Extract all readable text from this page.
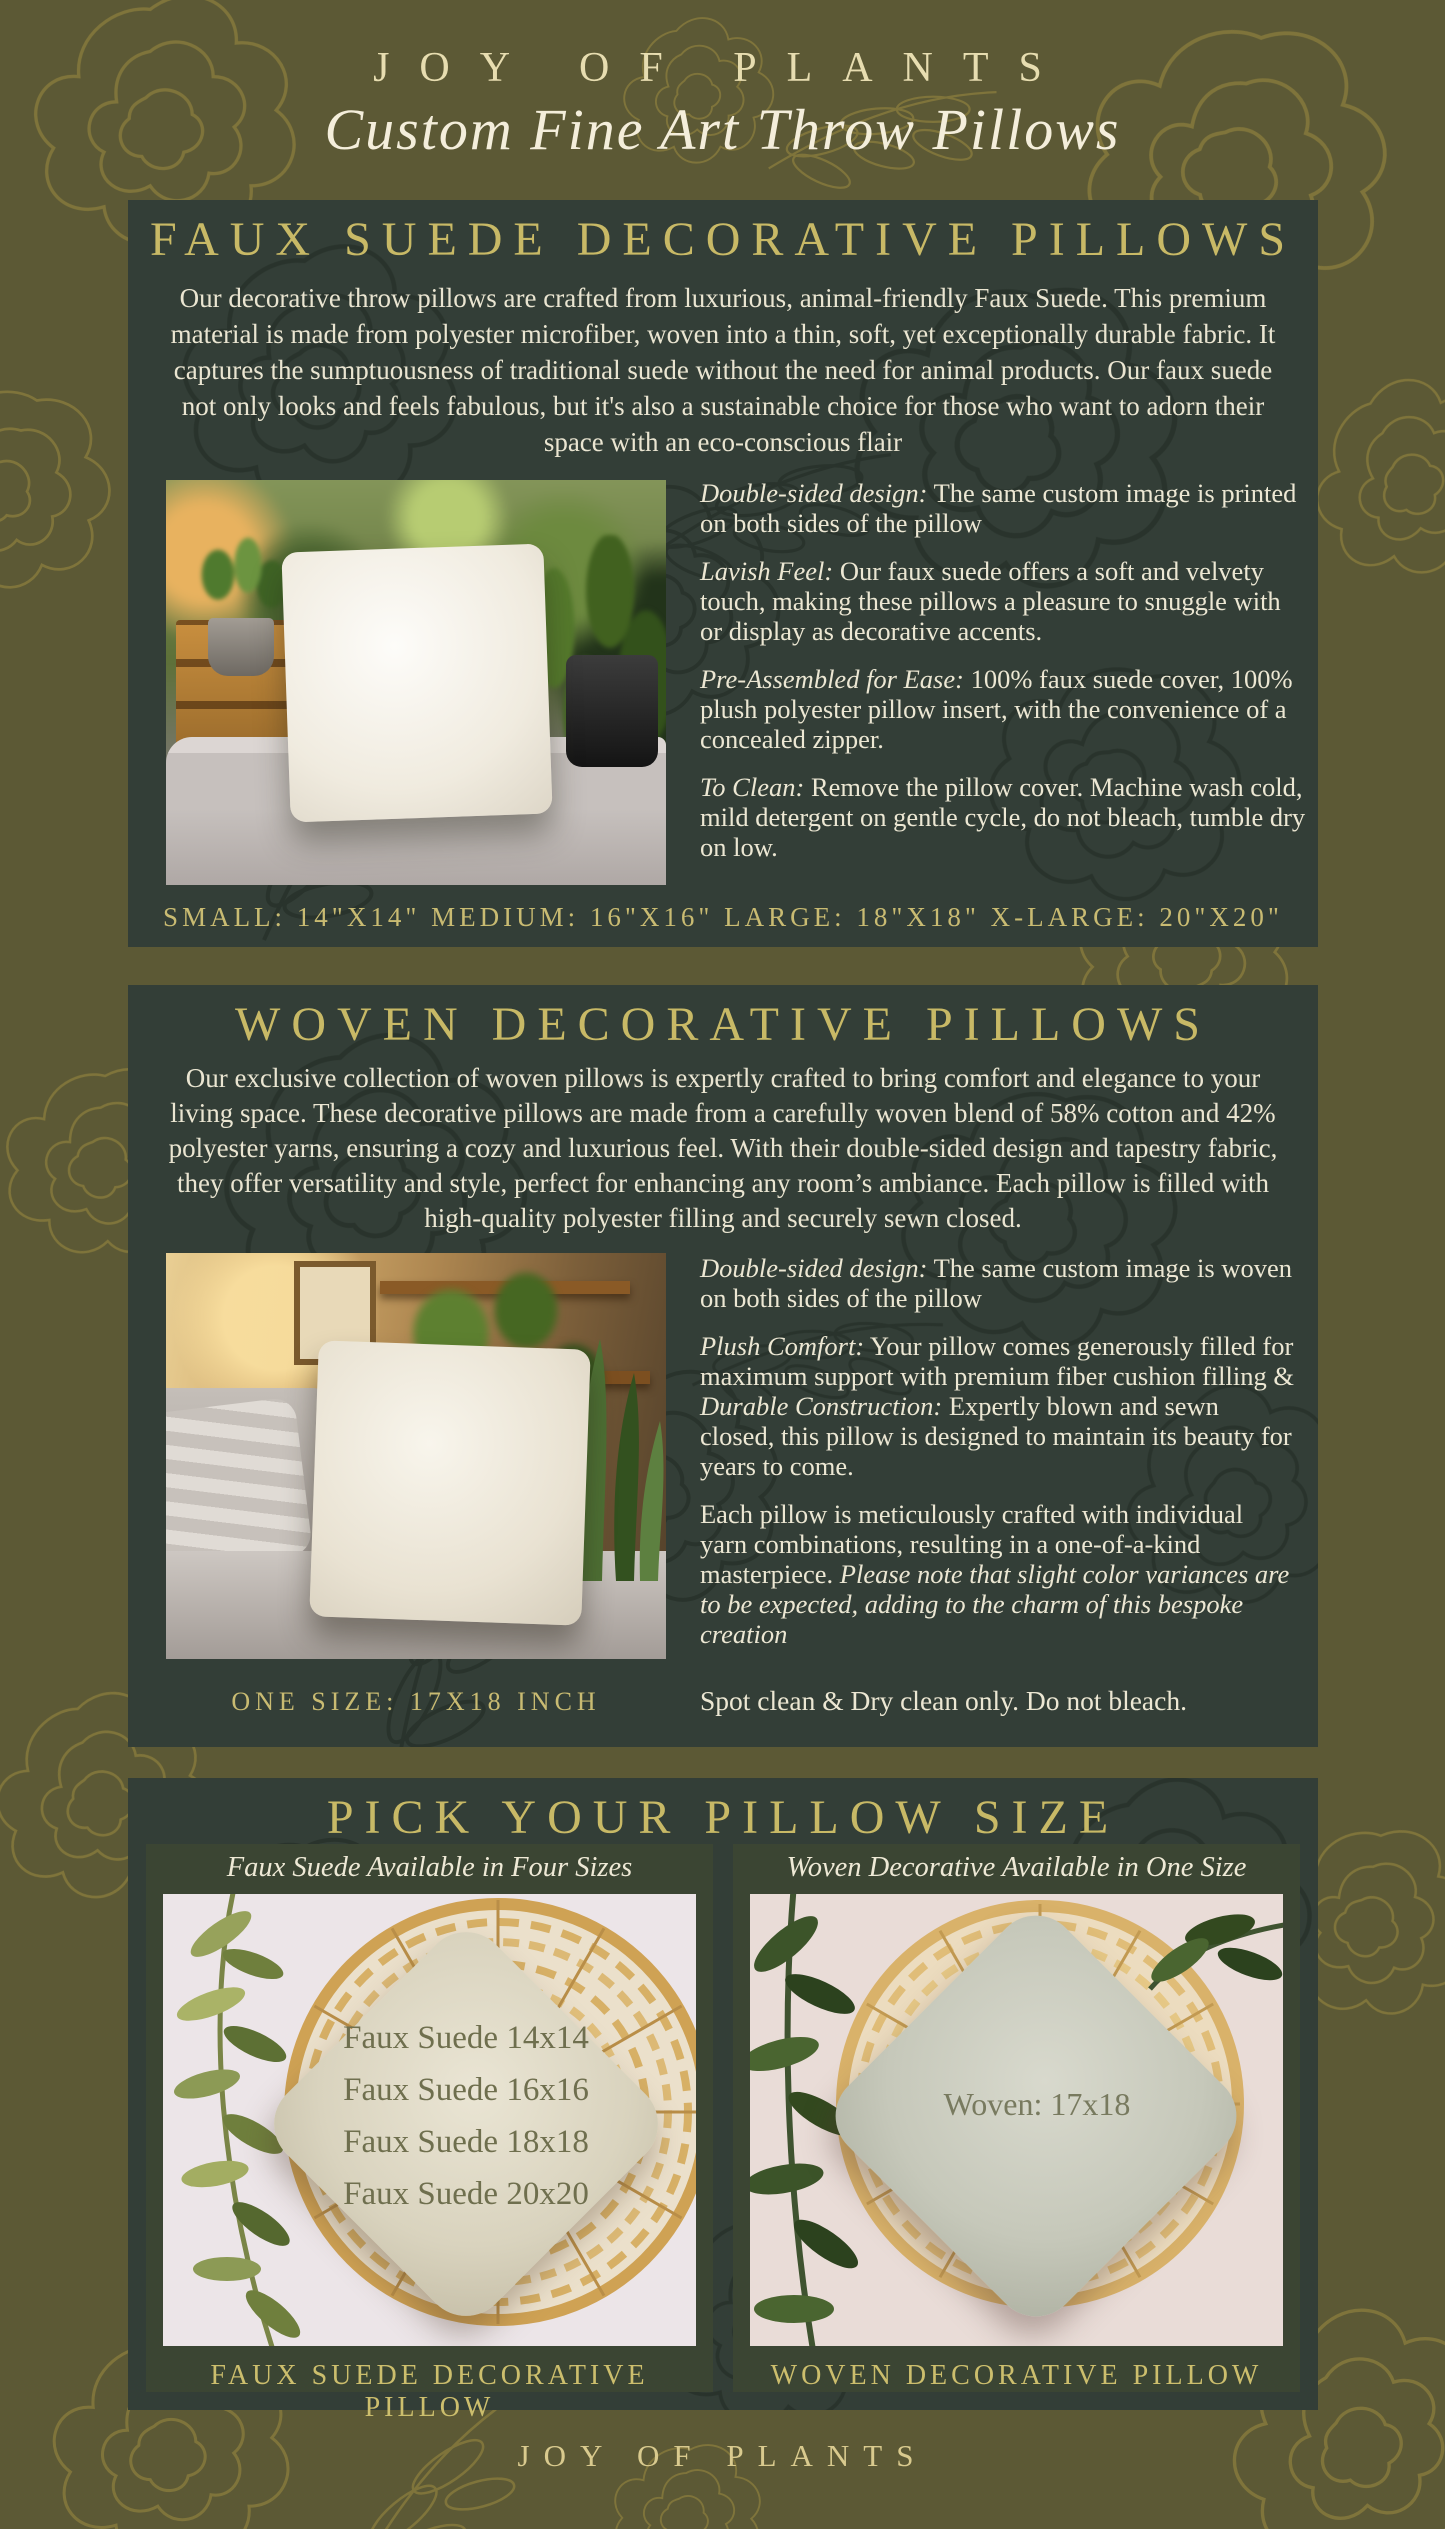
JOY OF PLANTS
Custom Fine Art Throw Pillows
FAUX SUEDE DECORATIVE PILLOWS

Our decorative throw pillows are crafted from luxurious, animal-friendly Faux Suede. This premium material is made from polyester microfiber, woven into a thin, soft, yet exceptionally durable fabric. It captures the sumptuousness of traditional suede without the need for animal products. Our faux suede not only looks and feels fabulous, but it's also a sustainable choice for those who want to adorn their space with an eco-conscious flair

Double-sided design: The same custom image is printed on both sides of the pillow

Lavish Feel: Our faux suede offers a soft and velvety touch, making these pillows a pleasure to snuggle with or display as decorative accents.

Pre-Assembled for Ease: 100% faux suede cover, 100% plush polyester pillow insert, with the convenience of a concealed zipper.

To Clean: Remove the pillow cover. Machine wash cold, mild detergent on gentle cycle, do not bleach, tumble dry on low.

SMALL: 14"X14" MEDIUM: 16"X16" LARGE: 18"X18" X-LARGE: 20"X20"
WOVEN DECORATIVE PILLOWS

Our exclusive collection of woven pillows is expertly crafted to bring comfort and elegance to your living space. These decorative pillows are made from a carefully woven blend of 58% cotton and 42% polyester yarns, ensuring a cozy and luxurious feel. With their double-sided design and tapestry fabric, they offer versatility and style, perfect for enhancing any room’s ambiance. Each pillow is filled with high-quality polyester filling and securely sewn closed.

Double-sided design: The same custom image is woven on both sides of the pillow

Plush Comfort: Your pillow comes generously filled for maximum support with premium fiber cushion filling & Durable Construction: Expertly blown and sewn closed, this pillow is designed to maintain its beauty for years to come.

Each pillow is meticulously crafted with individual yarn combinations, resulting in a one-of-a-kind masterpiece. Please note that slight color variances are to be expected, adding to the charm of this bespoke creation

ONE SIZE: 17X18 INCH	Spot clean & Dry clean only. Do not bleach.
PICK YOUR PILLOW SIZE
Faux Suede Available in Four Sizes
Faux Suede 14x14
Faux Suede 16x16
Faux Suede 18x18
Faux Suede 20x20
FAUX SUEDE DECORATIVE PILLOW
Woven Decorative Available in One Size
Woven: 17x18
WOVEN DECORATIVE PILLOW
JOY OF PLANTS
